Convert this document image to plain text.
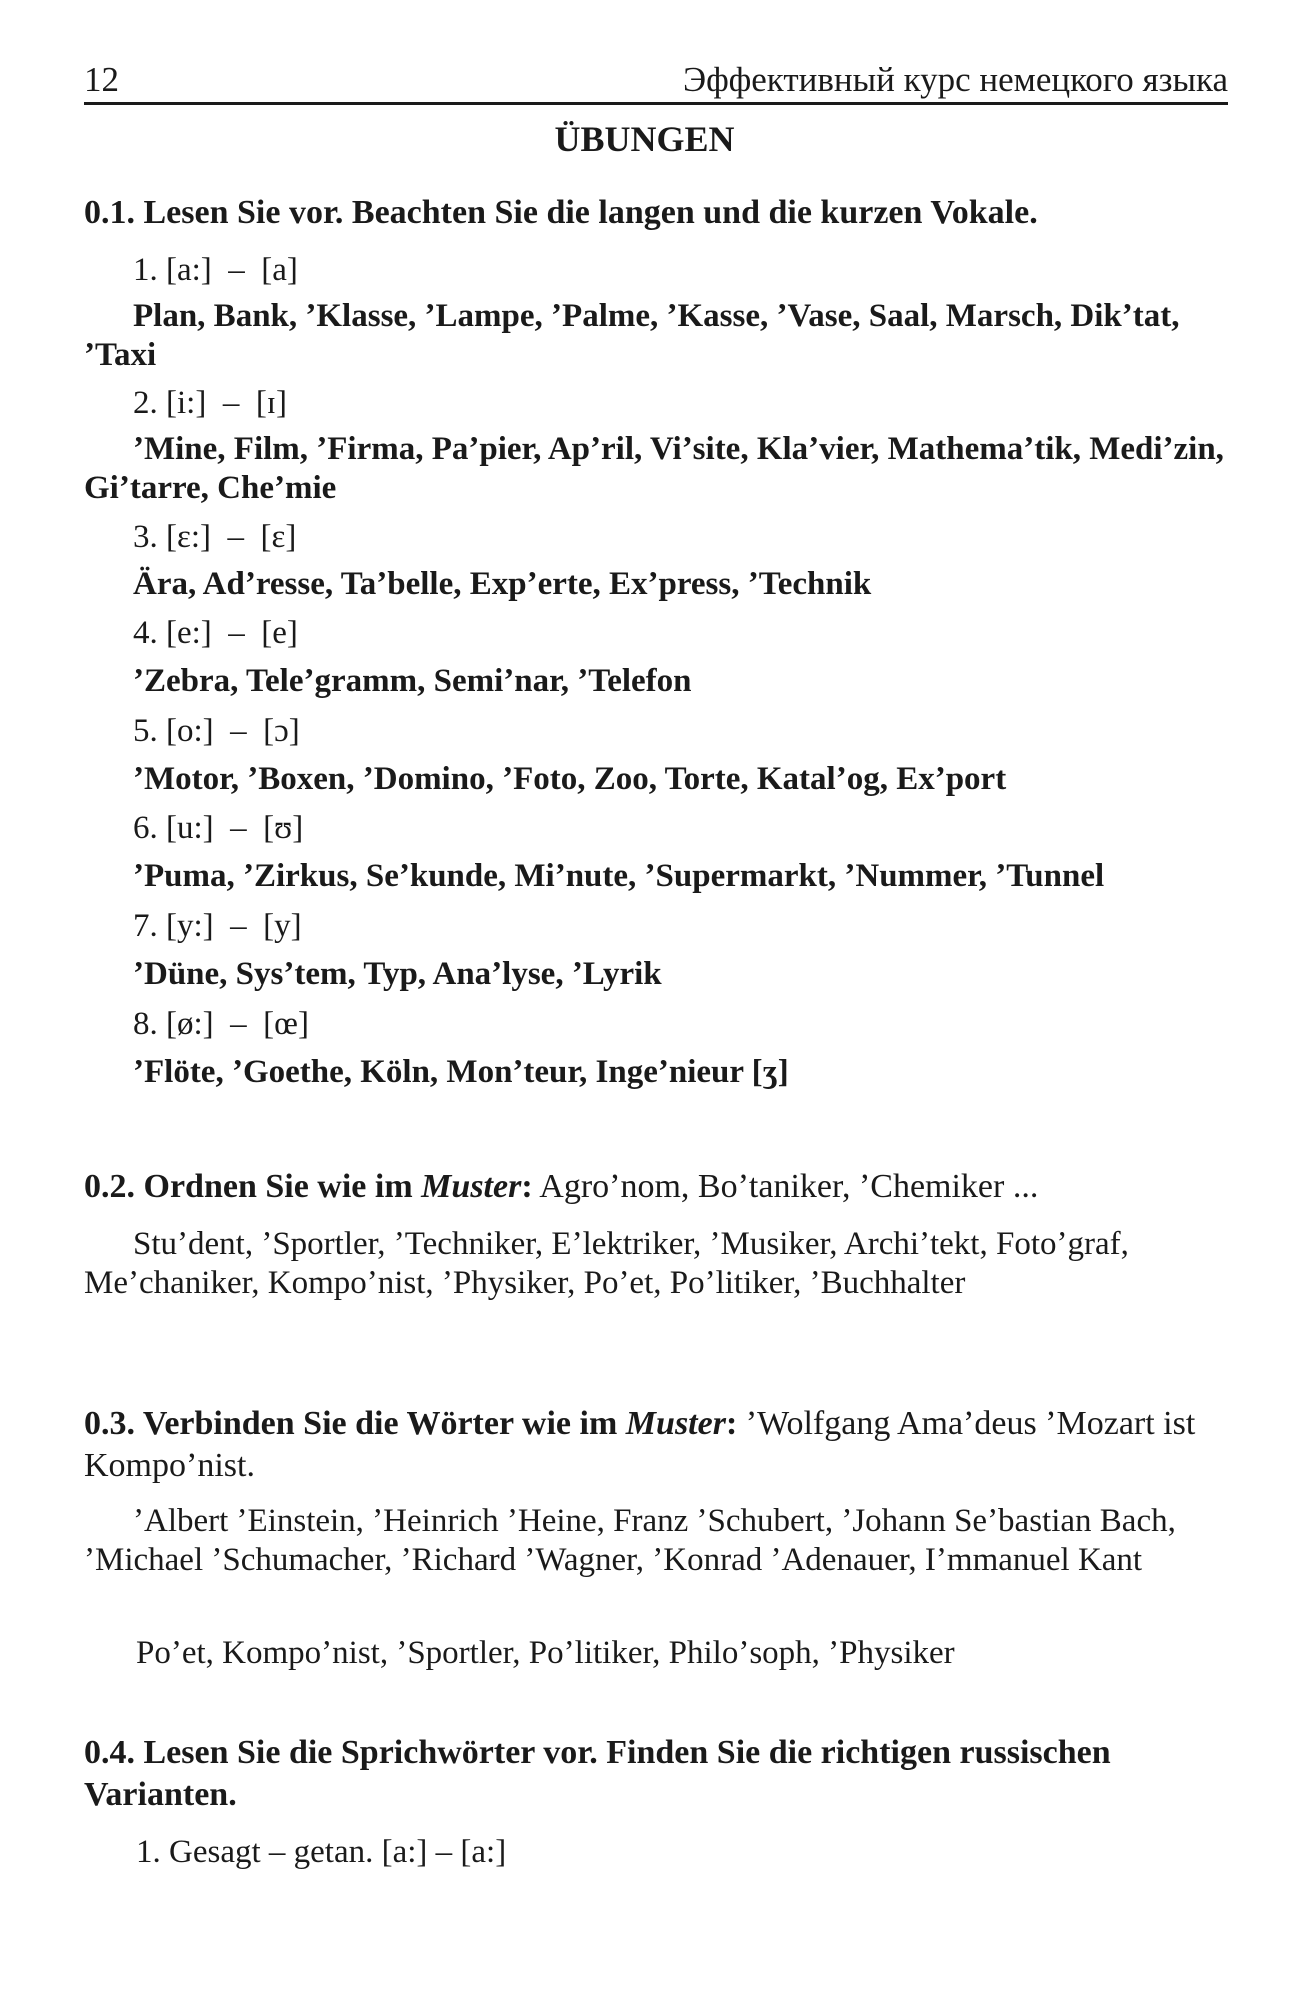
12	Эффективный курс немецкого языка
ÜBUNGEN
0.1. Lesen Sie vor. Beachten Sie die langen und die kurzen Vokale.
1. [a:]  –  [a]
Plan, Bank, ʼKlasse, ʼLampe, ʼPalme, ʼKasse, ʼVase, Saal, Marsch, Dikʼtat, ʼTaxi
2. [i:]  –  [ɪ]
ʼMine, Film, ʼFirma, Paʼpier, Apʼril, Viʼsite, Klaʼvier, Mathemaʼtik, Mediʼzin, Giʼtarre, Cheʼmie
3. [ɛ:]  –  [ɛ]
Ära, Adʼresse, Taʼbelle, Expʼerte, Exʼpress, ʼTechnik
4. [e:]  –  [e]
ʼZebra, Teleʼgramm, Semiʼnar, ʼTelefon
5. [o:]  –  [ɔ]
ʼMotor, ʼBoxen, ʼDomino, ʼFoto, Zoo, Torte, Katalʼog, Exʼport
6. [u:]  –  [ʊ]
ʼPuma, ʼZirkus, Seʼkunde, Miʼnute, ʼSupermarkt, ʼNummer, ʼTunnel
7. [y:]  –  [y]
ʼDüne, Sysʼtem, Typ, Anaʼlyse, ʼLyrik
8. [ø:]  –  [œ]
ʼFlöte, ʼGoethe, Köln, Monʼteur, Ingeʼnieur [ʒ]
0.2. Ordnen Sie wie im Muster: Agroʼnom, Boʼtaniker, ʼChemiker ...
Stuʼdent, ʼSportler, ʼTechniker, Eʼlektriker, ʼMusiker, Archiʼtekt, Fotoʼgraf, Meʼchaniker, Kompoʼnist, ʼPhysiker, Poʼet, Poʼlitiker, ʼBuchhalter
0.3. Verbinden Sie die Wörter wie im Muster: ʼWolfgang Amaʼdeus ʼMozart ist Kompoʼnist.
ʼAlbert ʼEinstein, ʼHeinrich ʼHeine, Franz ʼSchubert, ʼJohann Seʼbastian Bach, ʼMichael ʼSchumacher, ʼRichard ʼWagner, ʼKonrad ʼAdenauer, Iʼmmanuel Kant
Poʼet, Kompoʼnist, ʼSportler, Poʼlitiker, Philoʼsoph, ʼPhysiker
0.4. Lesen Sie die Sprichwörter vor. Finden Sie die richtigen russischen Varianten.
1. Gesagt – getan. [a:] – [a:]
